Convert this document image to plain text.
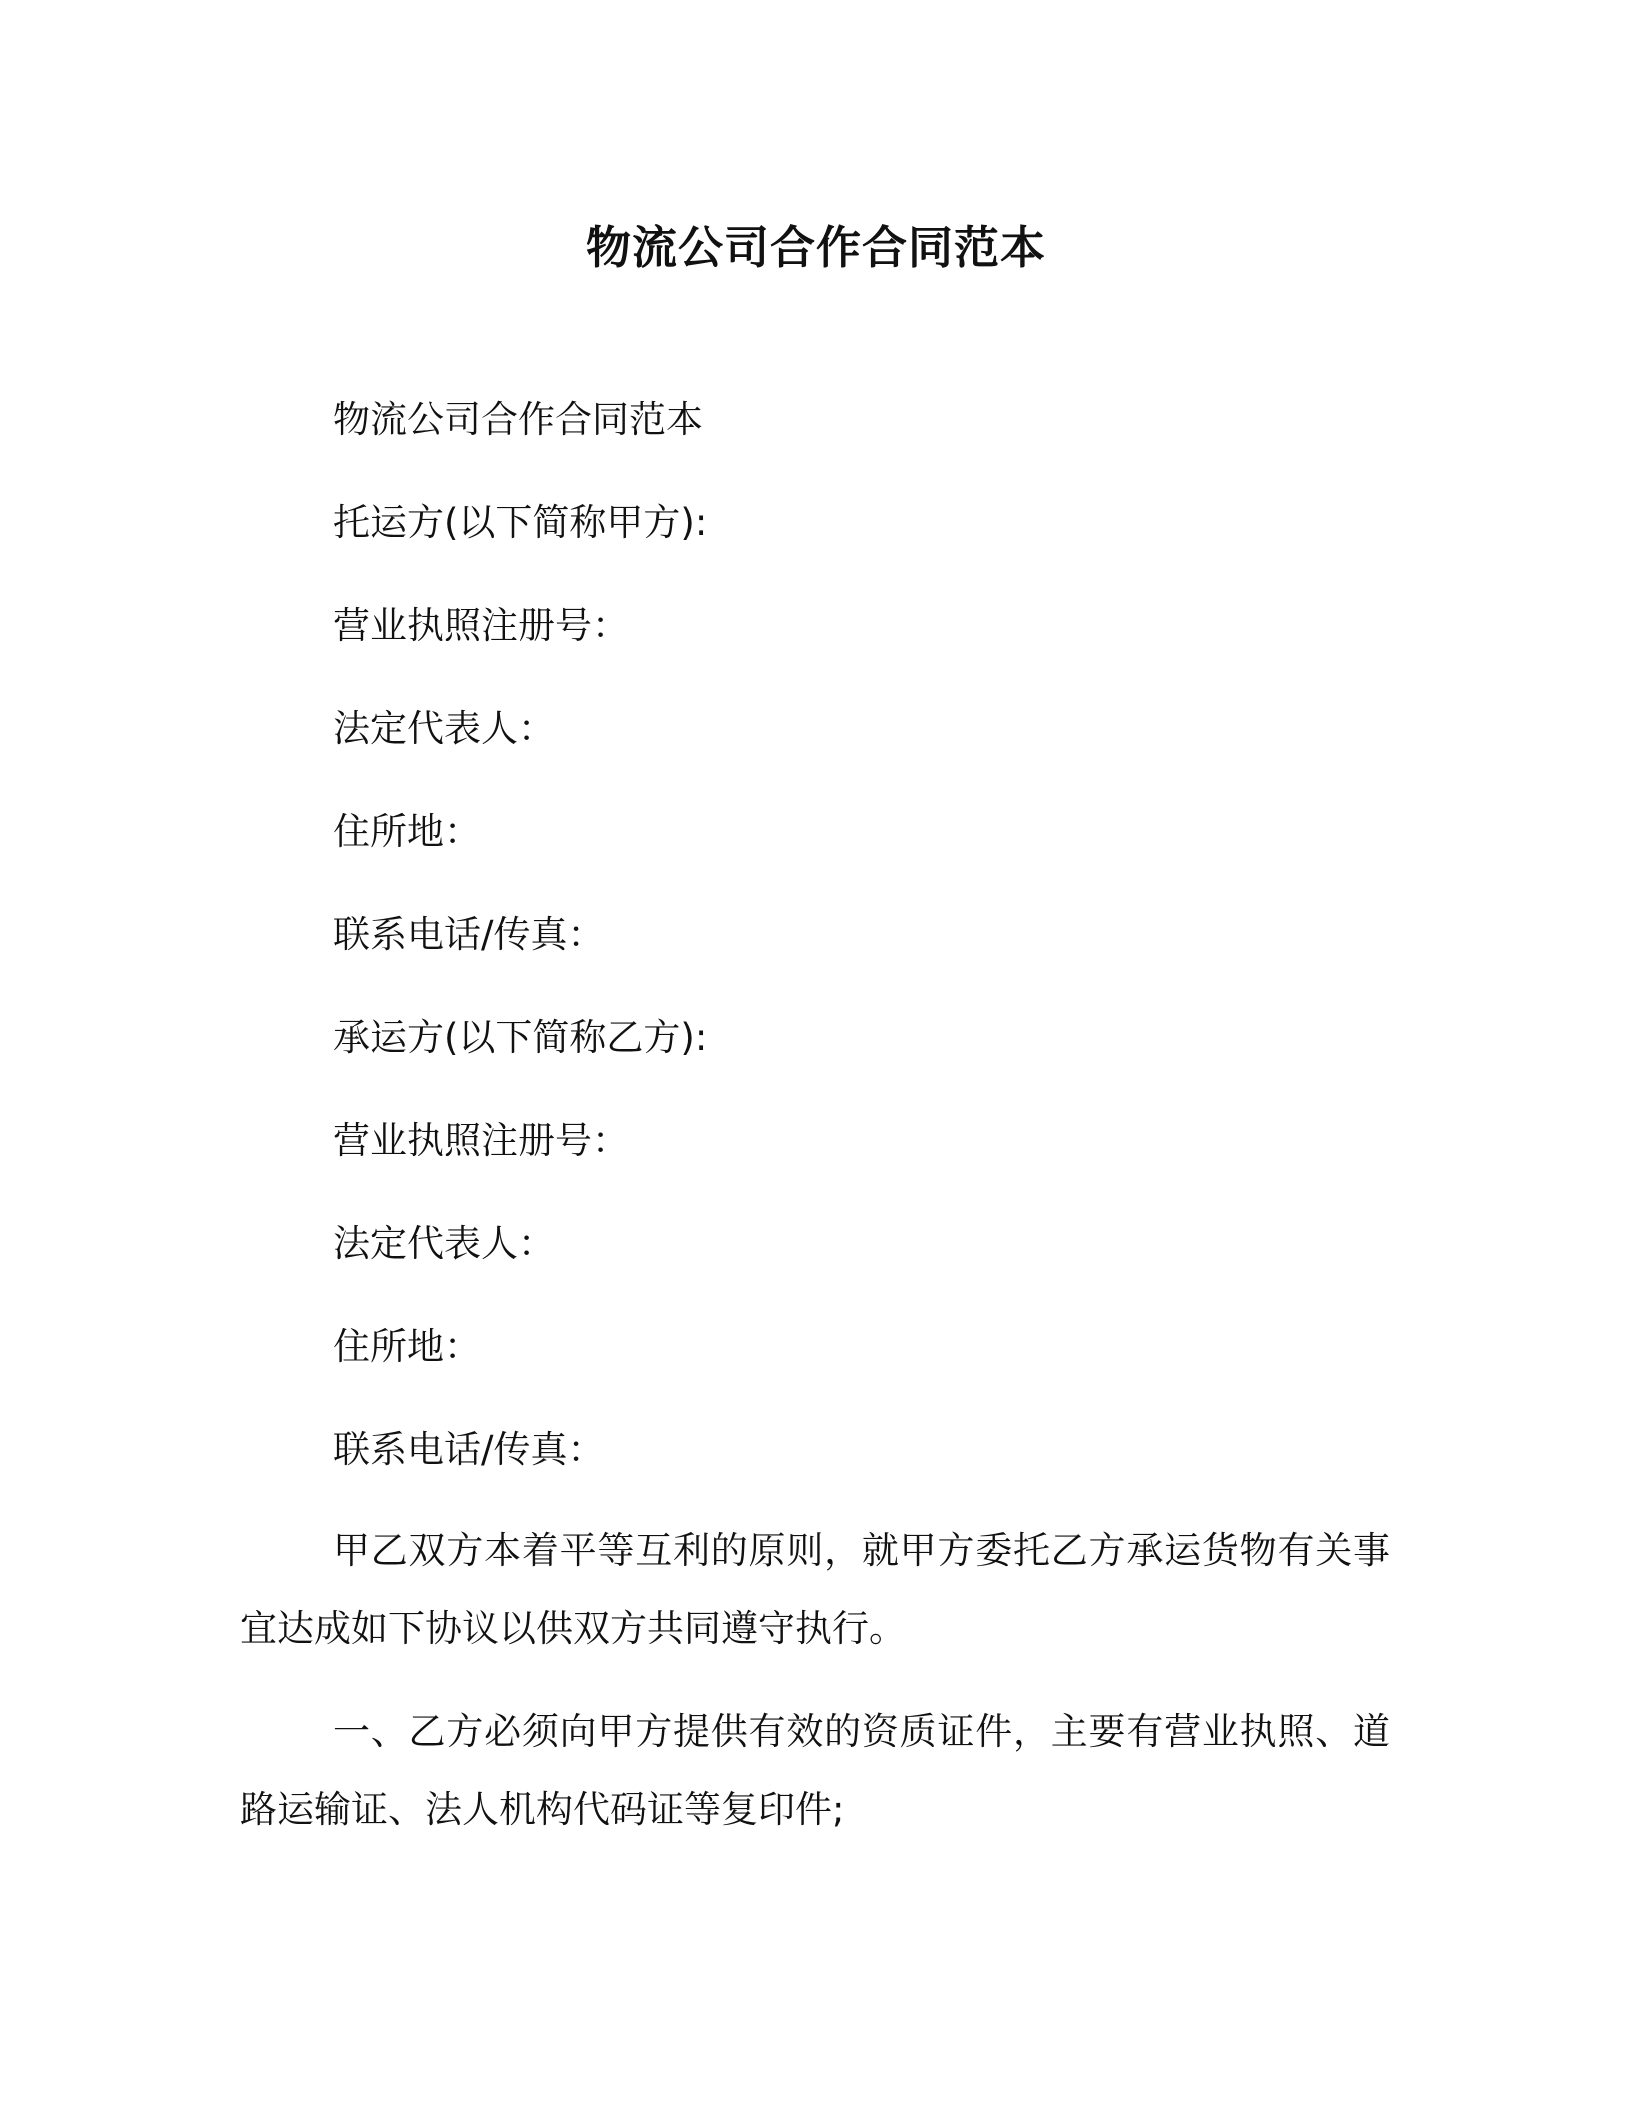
物流公司合作合同范本
物流公司合作合同范本
托运方(以下简称甲方):
营业执照注册号：
法定代表人：
住所地：
联系电话/传真：
承运方(以下简称乙方):
营业执照注册号：
法定代表人：
住所地：
联系电话/传真：
甲乙双方本着平等互利的原则，就甲方委托乙方承运货物有关事宜达成如下协议以供双方共同遵守执行。
一、乙方必须向甲方提供有效的资质证件，主要有营业执照、道路运输证、法人机构代码证等复印件;
